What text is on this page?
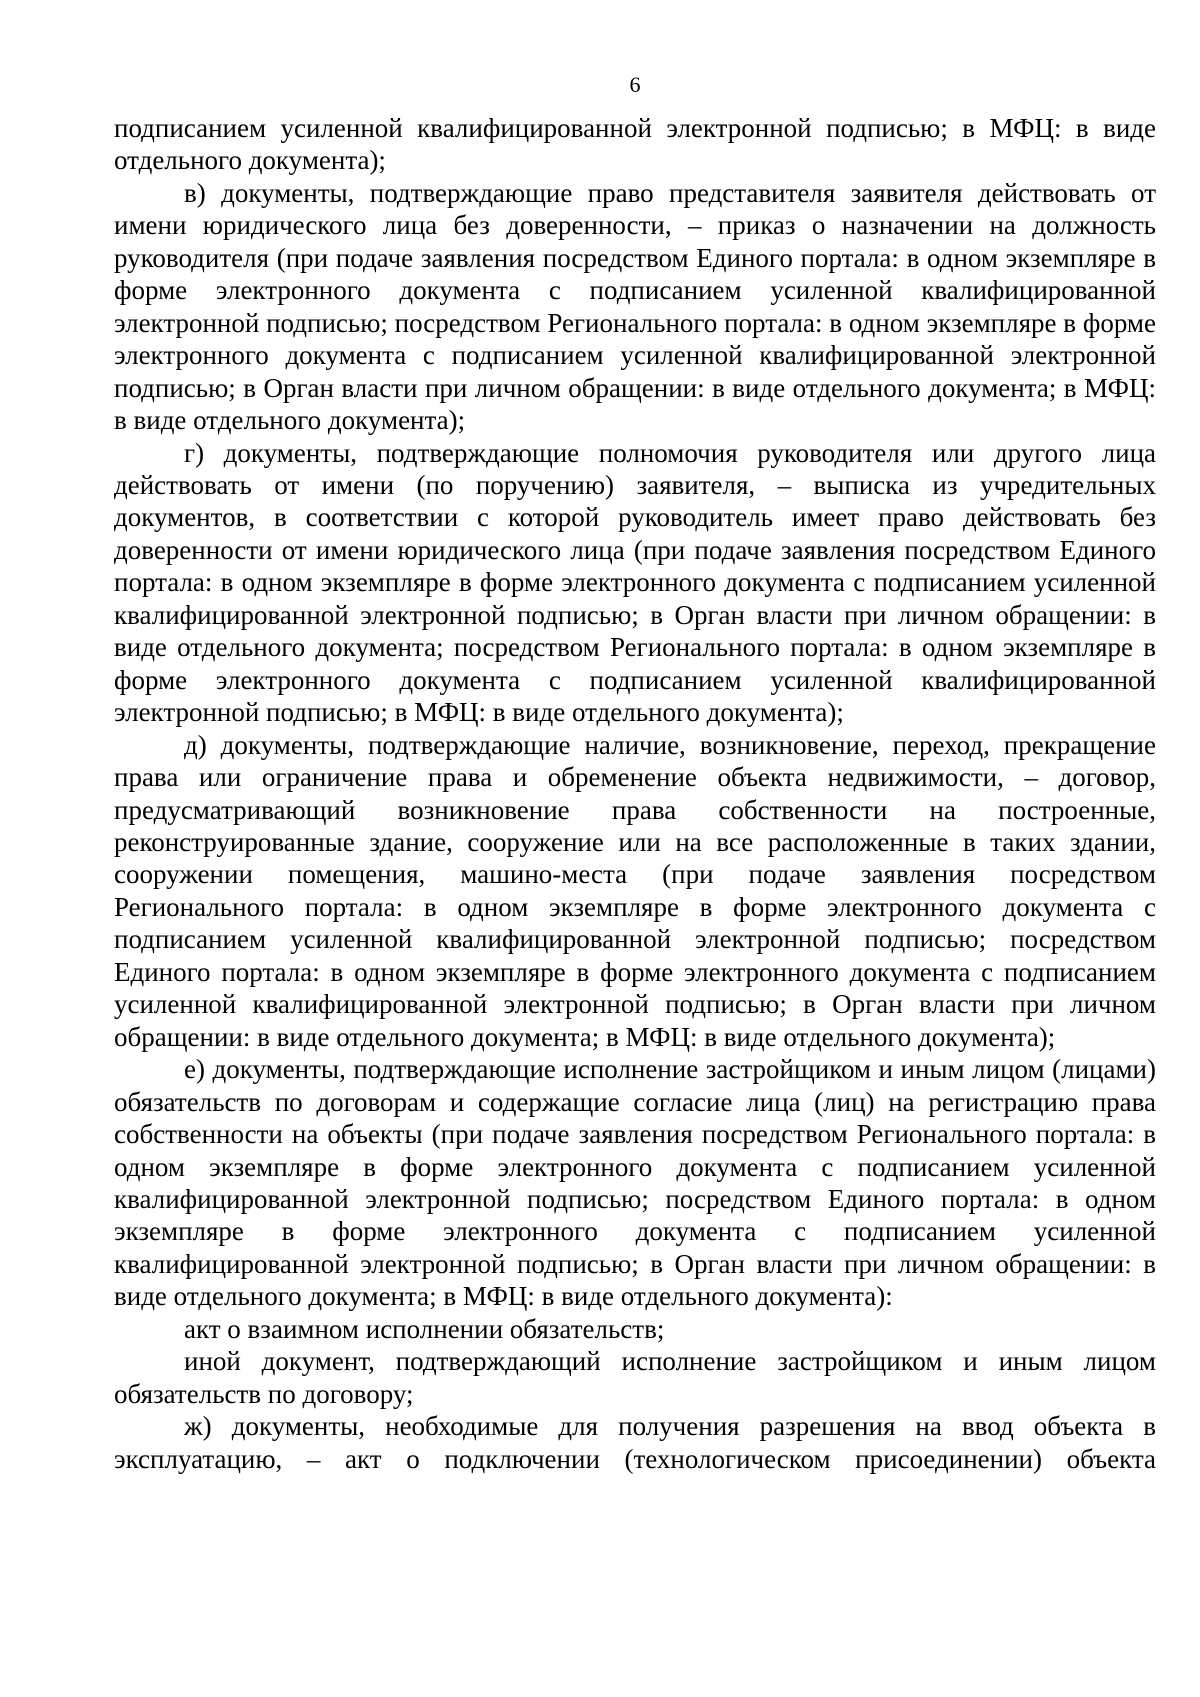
6

подписанием усиленной квалифицированной электронной подписью; в МФЦ: в виде отдельного документа);

в) документы, подтверждающие право представителя заявителя действовать от имени юридического лица без доверенности, – приказ о назначении на должность руководителя (при подаче заявления посредством Единого портала: в одном экземпляре в форме электронного документа с подписанием усиленной квалифицированной электронной подписью; посредством Регионального портала: в одном экземпляре в форме электронного документа с подписанием усиленной квалифицированной электронной подписью; в Орган власти при личном обращении: в виде отдельного документа; в МФЦ: в виде отдельного документа);

г) документы, подтверждающие полномочия руководителя или другого лица действовать от имени (по поручению) заявителя, – выписка из учредительных документов, в соответствии с которой руководитель имеет право действовать без доверенности от имени юридического лица (при подаче заявления посредством Единого портала: в одном экземпляре в форме электронного документа с подписанием усиленной квалифицированной электронной подписью; в Орган власти при личном обращении: в виде отдельного документа; посредством Регионального портала: в одном экземпляре в форме электронного документа с подписанием усиленной квалифицированной электронной подписью; в МФЦ: в виде отдельного документа);

д) документы, подтверждающие наличие, возникновение, переход, прекращение права или ограничение права и обременение объекта недвижимости, – договор, предусматривающий возникновение права собственности на построенные, реконструированные здание, сооружение или на все расположенные в таких здании, сооружении помещения, машино-места (при подаче заявления посредством Регионального портала: в одном экземпляре в форме электронного документа с подписанием усиленной квалифицированной электронной подписью; посредством Единого портала: в одном экземпляре в форме электронного документа с подписанием усиленной квалифицированной электронной подписью; в Орган власти при личном обращении: в виде отдельного документа; в МФЦ: в виде отдельного документа);

е) документы, подтверждающие исполнение застройщиком и иным лицом (лицами) обязательств по договорам и содержащие согласие лица (лиц) на регистрацию права собственности на объекты (при подаче заявления посредством Регионального портала: в одном экземпляре в форме электронного документа с подписанием усиленной квалифицированной электронной подписью; посредством Единого портала: в одном экземпляре в форме электронного документа с подписанием усиленной квалифицированной электронной подписью; в Орган власти при личном обращении: в виде отдельного документа; в МФЦ: в виде отдельного документа):

акт о взаимном исполнении обязательств;

иной документ, подтверждающий исполнение застройщиком и иным лицом обязательств по договору;

ж) документы, необходимые для получения разрешения на ввод объекта в эксплуатацию, – акт о подключении (технологическом присоединении) объекта
